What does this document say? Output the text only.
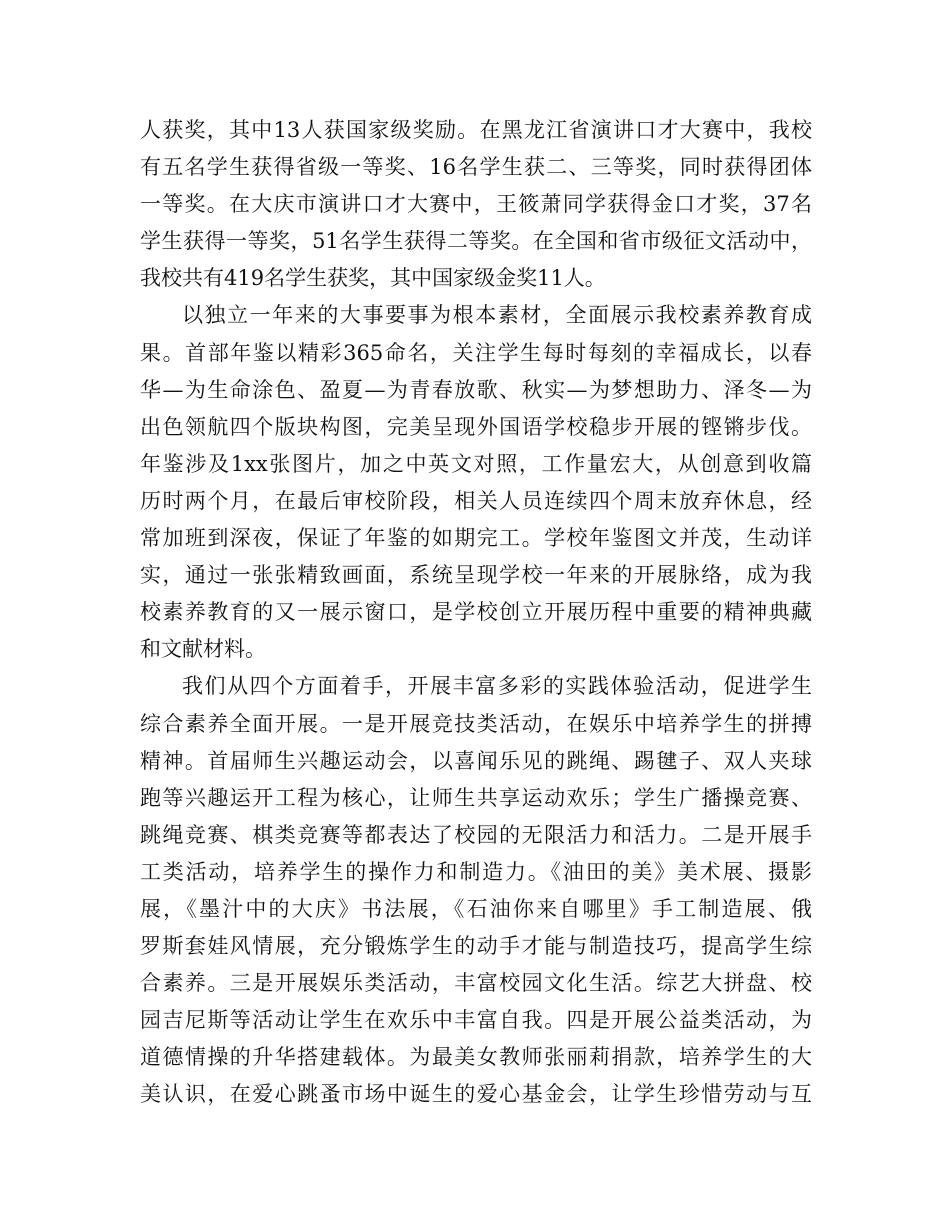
人获奖，其中13人获国家级奖励。在黑龙江省演讲口才大赛中，我校
有五名学生获得省级一等奖、16名学生获二、三等奖，同时获得团体
一等奖。在大庆市演讲口才大赛中，王筱萧同学获得金口才奖，37名
学生获得一等奖，51名学生获得二等奖。在全国和省市级征文活动中，
我校共有419名学生获奖，其中国家级金奖11人。
以独立一年来的大事要事为根本素材，全面展示我校素养教育成
果。首部年鉴以精彩365命名，关注学生每时每刻的幸福成长，以春
华—为生命涂色、盈夏—为青春放歌、秋实—为梦想助力、泽冬—为
出色领航四个版块构图，完美呈现外国语学校稳步开展的铿锵步伐。
年鉴涉及1xx张图片，加之中英文对照，工作量宏大，从创意到收篇
历时两个月，在最后审校阶段，相关人员连续四个周末放弃休息，经
常加班到深夜，保证了年鉴的如期完工。学校年鉴图文并茂，生动详
实，通过一张张精致画面，系统呈现学校一年来的开展脉络，成为我
校素养教育的又一展示窗口，是学校创立开展历程中重要的精神典藏
和文献材料。
我们从四个方面着手，开展丰富多彩的实践体验活动，促进学生
综合素养全面开展。一是开展竞技类活动，在娱乐中培养学生的拼搏
精神。首届师生兴趣运动会，以喜闻乐见的跳绳、踢毽子、双人夹球
跑等兴趣运开工程为核心，让师生共享运动欢乐；学生广播操竞赛、
跳绳竞赛、棋类竞赛等都表达了校园的无限活力和活力。二是开展手
工类活动，培养学生的操作力和制造力。《油田的美》美术展、摄影
展，《墨汁中的大庆》书法展，《石油你来自哪里》手工制造展、俄
罗斯套娃风情展，充分锻炼学生的动手才能与制造技巧，提高学生综
合素养。三是开展娱乐类活动，丰富校园文化生活。综艺大拼盘、校
园吉尼斯等活动让学生在欢乐中丰富自我。四是开展公益类活动，为
道德情操的升华搭建载体。为最美女教师张丽莉捐款，培养学生的大
美认识，在爱心跳蚤市场中诞生的爱心基金会，让学生珍惜劳动与互
